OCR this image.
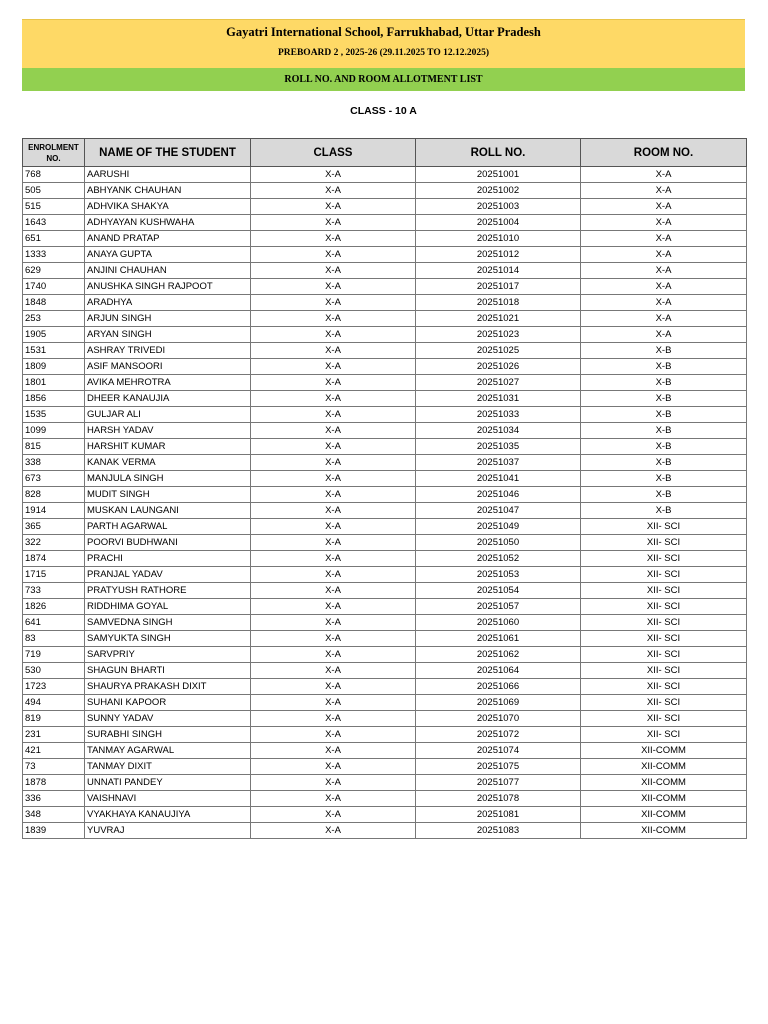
Gayatri International School, Farrukhabad, Uttar Pradesh
PREBOARD 2 , 2025-26 (29.11.2025 TO 12.12.2025)
ROLL NO. AND ROOM ALLOTMENT LIST
CLASS - 10 A
ENROLMENT NO.	NAME OF THE STUDENT	CLASS	ROLL NO.	ROOM NO.
768	AARUSHI	X-A	20251001	X-A
505	ABHYANK CHAUHAN	X-A	20251002	X-A
515	ADHVIKA SHAKYA	X-A	20251003	X-A
1643	ADHYAYAN KUSHWAHA	X-A	20251004	X-A
651	ANAND PRATAP	X-A	20251010	X-A
1333	ANAYA GUPTA	X-A	20251012	X-A
629	ANJINI CHAUHAN	X-A	20251014	X-A
1740	ANUSHKA SINGH RAJPOOT	X-A	20251017	X-A
1848	ARADHYA	X-A	20251018	X-A
253	ARJUN SINGH	X-A	20251021	X-A
1905	ARYAN SINGH	X-A	20251023	X-A
1531	ASHRAY TRIVEDI	X-A	20251025	X-B
1809	ASIF MANSOORI	X-A	20251026	X-B
1801	AVIKA MEHROTRA	X-A	20251027	X-B
1856	DHEER KANAUJIA	X-A	20251031	X-B
1535	GULJAR ALI	X-A	20251033	X-B
1099	HARSH YADAV	X-A	20251034	X-B
815	HARSHIT KUMAR	X-A	20251035	X-B
338	KANAK VERMA	X-A	20251037	X-B
673	MANJULA SINGH	X-A	20251041	X-B
828	MUDIT SINGH	X-A	20251046	X-B
1914	MUSKAN LAUNGANI	X-A	20251047	X-B
365	PARTH AGARWAL	X-A	20251049	XII- SCI
322	POORVI BUDHWANI	X-A	20251050	XII- SCI
1874	PRACHI	X-A	20251052	XII- SCI
1715	PRANJAL YADAV	X-A	20251053	XII- SCI
733	PRATYUSH RATHORE	X-A	20251054	XII- SCI
1826	RIDDHIMA GOYAL	X-A	20251057	XII- SCI
641	SAMVEDNA SINGH	X-A	20251060	XII- SCI
83	SAMYUKTA SINGH	X-A	20251061	XII- SCI
719	SARVPRIY	X-A	20251062	XII- SCI
530	SHAGUN BHARTI	X-A	20251064	XII- SCI
1723	SHAURYA PRAKASH DIXIT	X-A	20251066	XII- SCI
494	SUHANI KAPOOR	X-A	20251069	XII- SCI
819	SUNNY YADAV	X-A	20251070	XII- SCI
231	SURABHI SINGH	X-A	20251072	XII- SCI
421	TANMAY AGARWAL	X-A	20251074	XII-COMM
73	TANMAY DIXIT	X-A	20251075	XII-COMM
1878	UNNATI PANDEY	X-A	20251077	XII-COMM
336	VAISHNAVI	X-A	20251078	XII-COMM
348	VYAKHAYA KANAUJIYA	X-A	20251081	XII-COMM
1839	YUVRAJ	X-A	20251083	XII-COMM
